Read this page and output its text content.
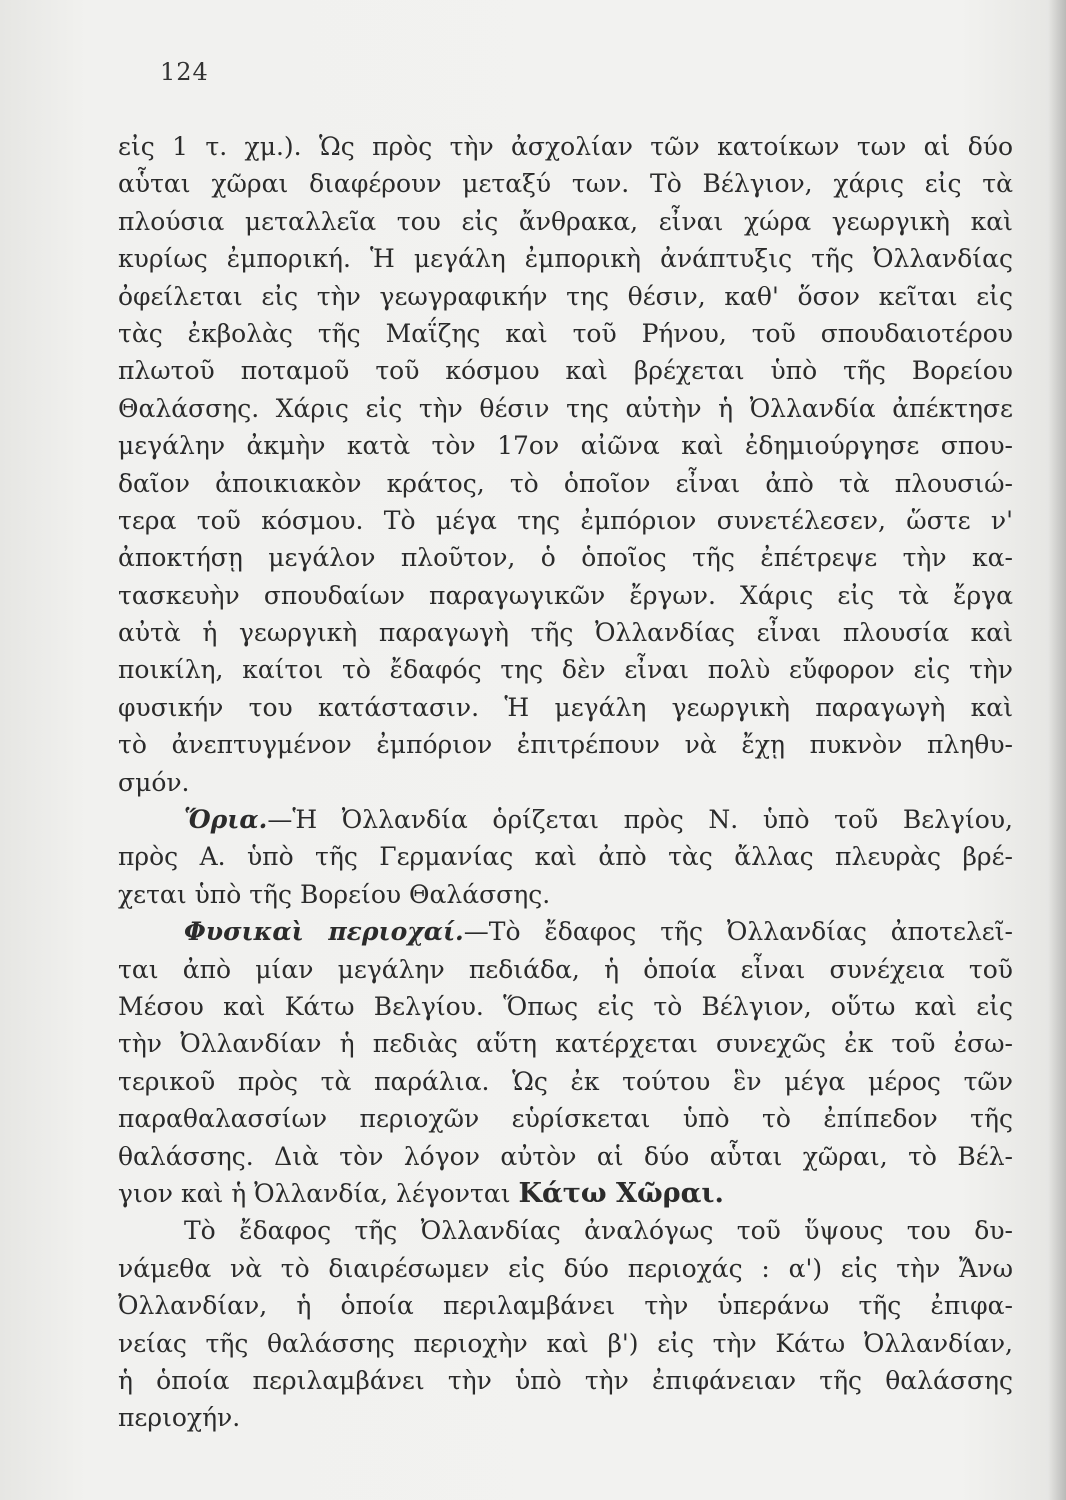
124
εἰς 1 τ. χμ.). Ὡς πρὸς τὴν ἀσχολίαν τῶν κατοίκων των αἱ δύο
αὗται χῶραι διαφέρουν μεταξύ των. Τὸ Βέλγιον, χάρις εἰς τὰ
πλούσια μεταλλεῖα του εἰς ἄνθρακα, εἶναι χώρα γεωργικὴ καὶ
κυρίως ἐμπορική. Ἡ μεγάλη ἐμπορικὴ ἀνάπτυξις τῆς Ὀλλανδίας
ὀφείλεται εἰς τὴν γεωγραφικήν της θέσιν, καθ' ὅσον κεῖται εἰς
τὰς ἐκβολὰς τῆς Μαΐζης καὶ τοῦ Ρήνου, τοῦ σπουδαιοτέρου
πλωτοῦ ποταμοῦ τοῦ κόσμου καὶ βρέχεται ὑπὸ τῆς Βορείου
Θαλάσσης. Χάρις εἰς τὴν θέσιν της αὐτὴν ἡ Ὀλλανδία ἀπέκτησε
μεγάλην ἀκμὴν κατὰ τὸν 17ον αἰῶνα καὶ ἐδημιούργησε σπου-
δαῖον ἀποικιακὸν κράτος, τὸ ὁποῖον εἶναι ἀπὸ τὰ πλουσιώ-
τερα τοῦ κόσμου. Τὸ μέγα της ἐμπόριον συνετέλεσεν, ὥστε ν'
ἀποκτήσῃ μεγάλον πλοῦτον, ὁ ὁποῖος τῆς ἐπέτρεψε τὴν κα-
τασκευὴν σπουδαίων παραγωγικῶν ἔργων. Χάρις εἰς τὰ ἔργα
αὐτὰ ἡ γεωργικὴ παραγωγὴ τῆς Ὀλλανδίας εἶναι πλουσία καὶ
ποικίλη, καίτοι τὸ ἔδαφός της δὲν εἶναι πολὺ εὔφορον εἰς τὴν
φυσικήν του κατάστασιν. Ἡ μεγάλη γεωργικὴ παραγωγὴ καὶ
τὸ ἀνεπτυγμένον ἐμπόριον ἐπιτρέπουν νὰ ἔχῃ πυκνὸν πληθυ-
σμόν.
Ὅρια.—Ἡ Ὀλλανδία ὁρίζεται πρὸς Ν. ὑπὸ τοῦ Βελγίου,
πρὸς Α. ὑπὸ τῆς Γερμανίας καὶ ἀπὸ τὰς ἄλλας πλευρὰς βρέ-
χεται ὑπὸ τῆς Βορείου Θαλάσσης.
Φυσικαὶ περιοχαί.—Τὸ ἔδαφος τῆς Ὀλλανδίας ἀποτελεῖ-
ται ἀπὸ μίαν μεγάλην πεδιάδα, ἡ ὁποία εἶναι συνέχεια τοῦ
Μέσου καὶ Κάτω Βελγίου. Ὅπως εἰς τὸ Βέλγιον, οὕτω καὶ εἰς
τὴν Ὀλλανδίαν ἡ πεδιὰς αὕτη κατέρχεται συνεχῶς ἐκ τοῦ ἐσω-
τερικοῦ πρὸς τὰ παράλια. Ὡς ἐκ τούτου ἓν μέγα μέρος τῶν
παραθαλασσίων περιοχῶν εὑρίσκεται ὑπὸ τὸ ἐπίπεδον τῆς
θαλάσσης. Διὰ τὸν λόγον αὐτὸν αἱ δύο αὗται χῶραι, τὸ Βέλ-
γιον καὶ ἡ Ὀλλανδία, λέγονται Κάτω Χῶραι.
Τὸ ἔδαφος τῆς Ὀλλανδίας ἀναλόγως τοῦ ὕψους του δυ-
νάμεθα νὰ τὸ διαιρέσωμεν εἰς δύο περιοχάς : α') εἰς τὴν Ἄνω
Ὀλλανδίαν, ἡ ὁποία περιλαμβάνει τὴν ὑπεράνω τῆς ἐπιφα-
νείας τῆς θαλάσσης περιοχὴν καὶ β') εἰς τὴν Κάτω Ὀλλανδίαν,
ἡ ὁποία περιλαμβάνει τὴν ὑπὸ τὴν ἐπιφάνειαν τῆς θαλάσσης
περιοχήν.
